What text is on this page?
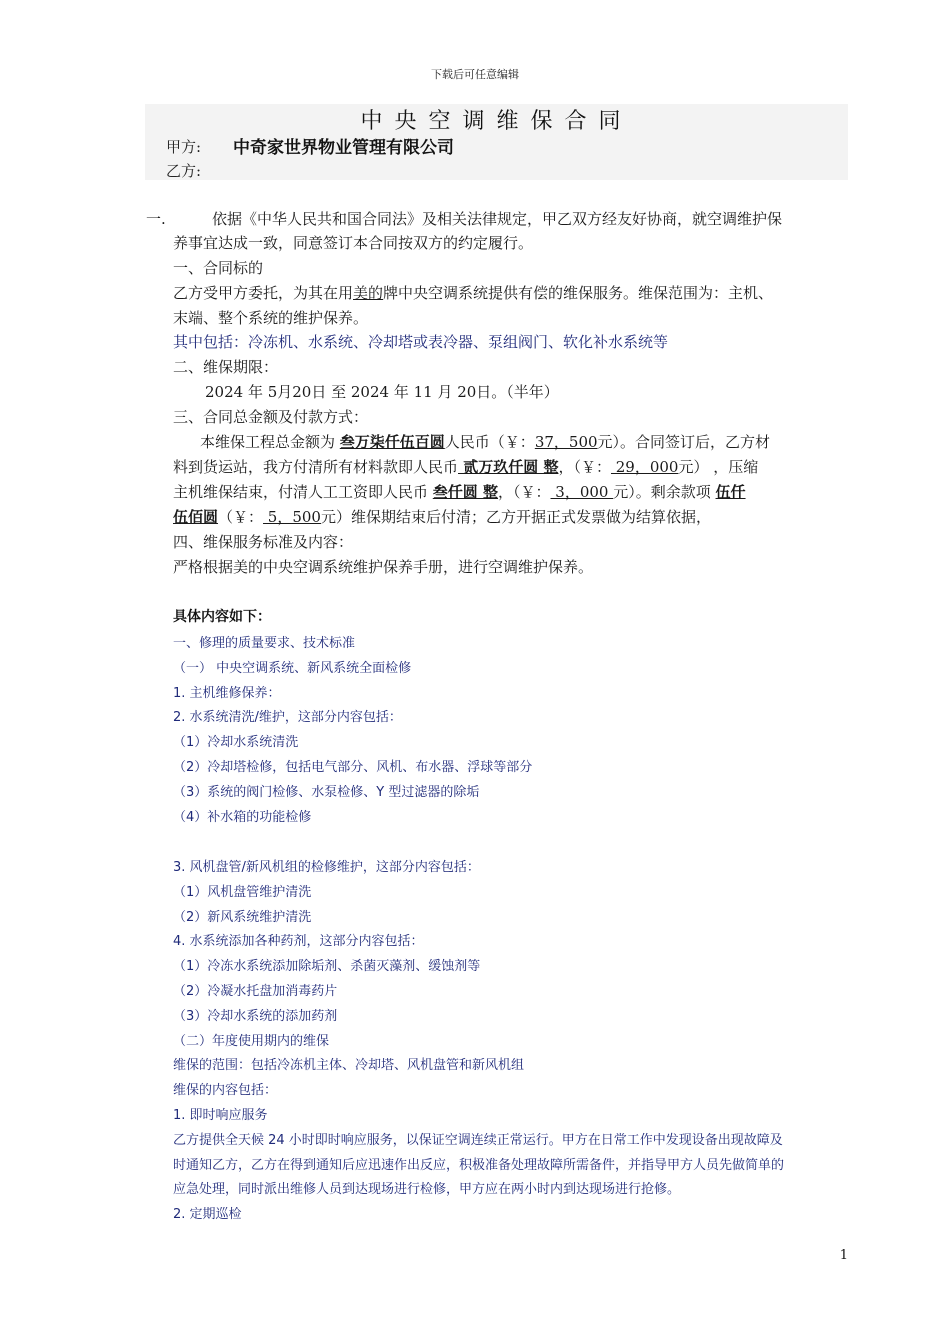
下载后可任意编辑
中央空调维保合同
甲方: 中奇家世界物业管理有限公司
乙方:
一.	依据《中华人民共和国合同法》及相关法律规定，甲乙双方经友好协商，就空调维护保
养事宜达成一致，同意签订本合同按双方的约定履行。
一、合同标的
乙方受甲方委托，为其在用美的牌中央空调系统提供有偿的维保服务。维保范围为：主机、
末端、整个系统的维护保养。
其中包括：冷冻机、水系统、冷却塔或表冷器、泵组阀门、软化补水系统等
二、维保期限：
2024 年 5月20日 至 2024 年 11 月 20日。（半年）
三、合同总金额及付款方式：
本维保工程总金额为 叁万柒仟伍百圆人民币（￥：37，500元）。合同签订后，乙方材
料到货运站，我方付清所有材料款即人民币 贰万玖仟圆 整，（￥： 29，000元） ，压缩
主机维保结束，付清人工工资即人民币 叁仟圆 整，（￥： 3，000 元）。剩余款项 伍仟
伍佰圆（￥： 5，500元）维保期结束后付清；乙方开据正式发票做为结算依据，
四、维保服务标准及内容：
严格根据美的中央空调系统维护保养手册，进行空调维护保养。
具体内容如下：
一、修理的质量要求、技术标准
（一） 中央空调系统、新风系统全面检修
1. 主机维修保养：
2. 水系统清洗/维护，这部分内容包括：
（1）冷却水系统清洗
（2）冷却塔检修，包括电气部分、风机、布水器、浮球等部分
（3）系统的阀门检修、水泵检修、Y 型过滤器的除垢
（4）补水箱的功能检修
3. 风机盘管/新风机组的检修维护，这部分内容包括：
（1）风机盘管维护清洗
（2）新风系统维护清洗
4. 水系统添加各种药剂，这部分内容包括：
（1）冷冻水系统添加除垢剂、杀菌灭藻剂、缓蚀剂等
（2）冷凝水托盘加消毒药片
（3）冷却水系统的添加药剂
（二）年度使用期内的维保
维保的范围：包括冷冻机主体、冷却塔、风机盘管和新风机组
维保的内容包括：
1. 即时响应服务
乙方提供全天候 24 小时即时响应服务，以保证空调连续正常运行。甲方在日常工作中发现设备出现故障及
时通知乙方，乙方在得到通知后应迅速作出反应，积极准备处理故障所需备件，并指导甲方人员先做简单的
应急处理，同时派出维修人员到达现场进行检修，甲方应在两小时内到达现场进行抢修。
2. 定期巡检
1
